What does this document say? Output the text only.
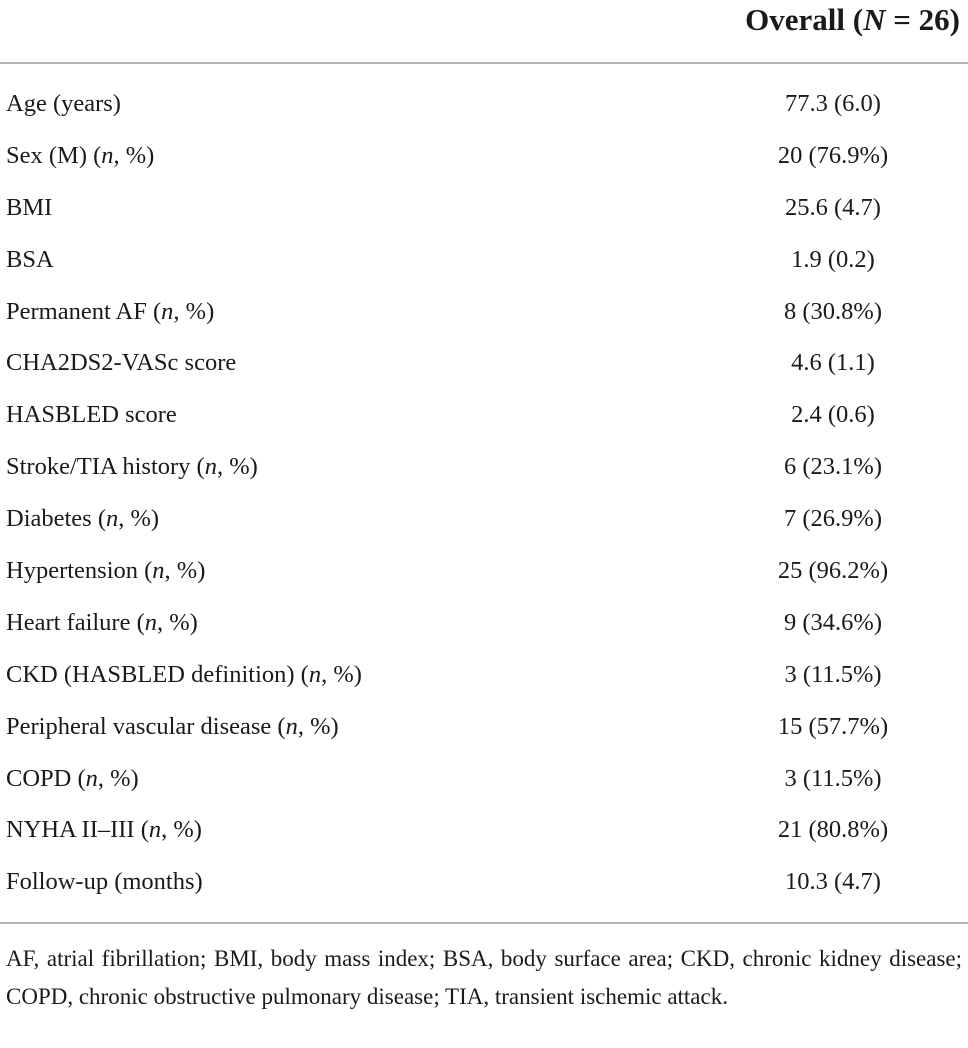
Overall (N = 26)
Age (years)	77.3 (6.0)
Sex (M) (n, %)	20 (76.9%)
BMI	25.6 (4.7)
BSA	1.9 (0.2)
Permanent AF (n, %)	8 (30.8%)
CHA2DS2-VASc score	4.6 (1.1)
HASBLED score	2.4 (0.6)
Stroke/TIA history (n, %)	6 (23.1%)
Diabetes (n, %)	7 (26.9%)
Hypertension (n, %)	25 (96.2%)
Heart failure (n, %)	9 (34.6%)
CKD (HASBLED definition) (n, %)	3 (11.5%)
Peripheral vascular disease (n, %)	15 (57.7%)
COPD (n, %)	3 (11.5%)
NYHA II–III (n, %)	21 (80.8%)
Follow-up (months)	10.3 (4.7)
AF, atrial fibrillation; BMI, body mass index; BSA, body surface area; CKD, chronic kidney disease; COPD, chronic obstructive pulmonary disease; TIA, transient ischemic attack.
